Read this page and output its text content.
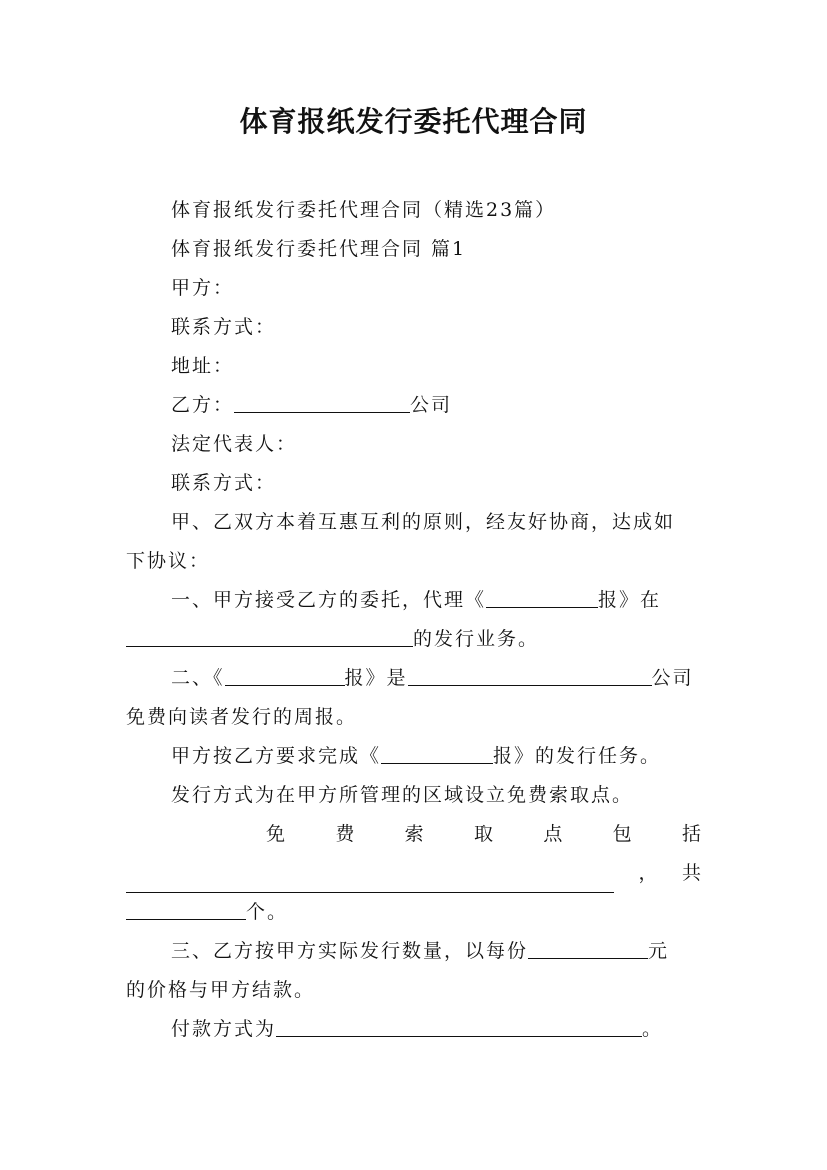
体育报纸发行委托代理合同
体育报纸发行委托代理合同（精选23篇）
体育报纸发行委托代理合同 篇1
甲方：
联系方式：
地址：
乙方：	公司
法定代表人：
联系方式：
甲、乙双方本着互惠互利的原则，经友好协商，达成如
下协议：
一、甲方接受乙方的委托，代理《	报》在
的发行业务。
二、《	报》是	公司
免费向读者发行的周报。
甲方按乙方要求完成《	报》的发行任务。
发行方式为在甲方所管理的区域设立免费索取点。
免	费	索	取	点	包	括
， 共
个。
三、乙方按甲方实际发行数量，以每份	元
的价格与甲方结款。
付款方式为	。
